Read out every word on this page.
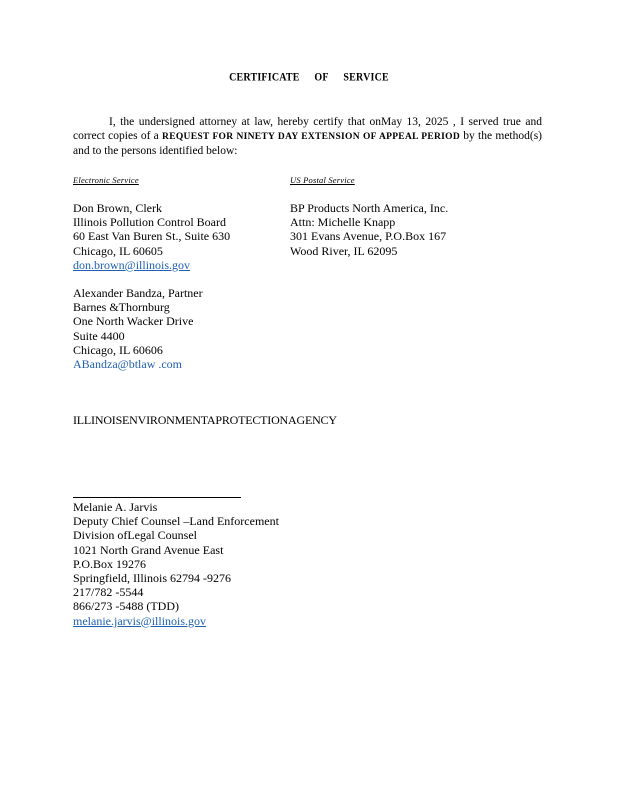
CERTIFICATE OF SERVICE
I, the undersigned attorney at law, hereby certify that onMay 13, 2025 , I served true and correct copies of a REQUEST FOR NINETY DAY EXTENSION OF APPEAL PERIOD by the method(s) and to the persons identified below:
Electronic Service	US Postal Service
Don Brown, Clerk
Illinois Pollution Control Board
60 East Van Buren St., Suite 630
Chicago, IL 60605
don.brown@illinois.gov
Alexander Bandza, Partner
Barnes &Thornburg
One North Wacker Drive
Suite 4400
Chicago, IL 60606
ABandza@btlaw .com
BP Products North America, Inc.
Attn: Michelle Knapp
301 Evans Avenue, P.O.Box 167
Wood River, IL 62095
ILLINOISENVIRONMENTAPROTECTIONAGENCY
Melanie A. Jarvis
Deputy Chief Counsel –Land Enforcement
Division ofLegal Counsel
1021 North Grand Avenue East
P.O.Box 19276
Springfield, Illinois 62794 -9276
217/782 -5544
866/273 -5488 (TDD)
melanie.jarvis@illinois.gov
